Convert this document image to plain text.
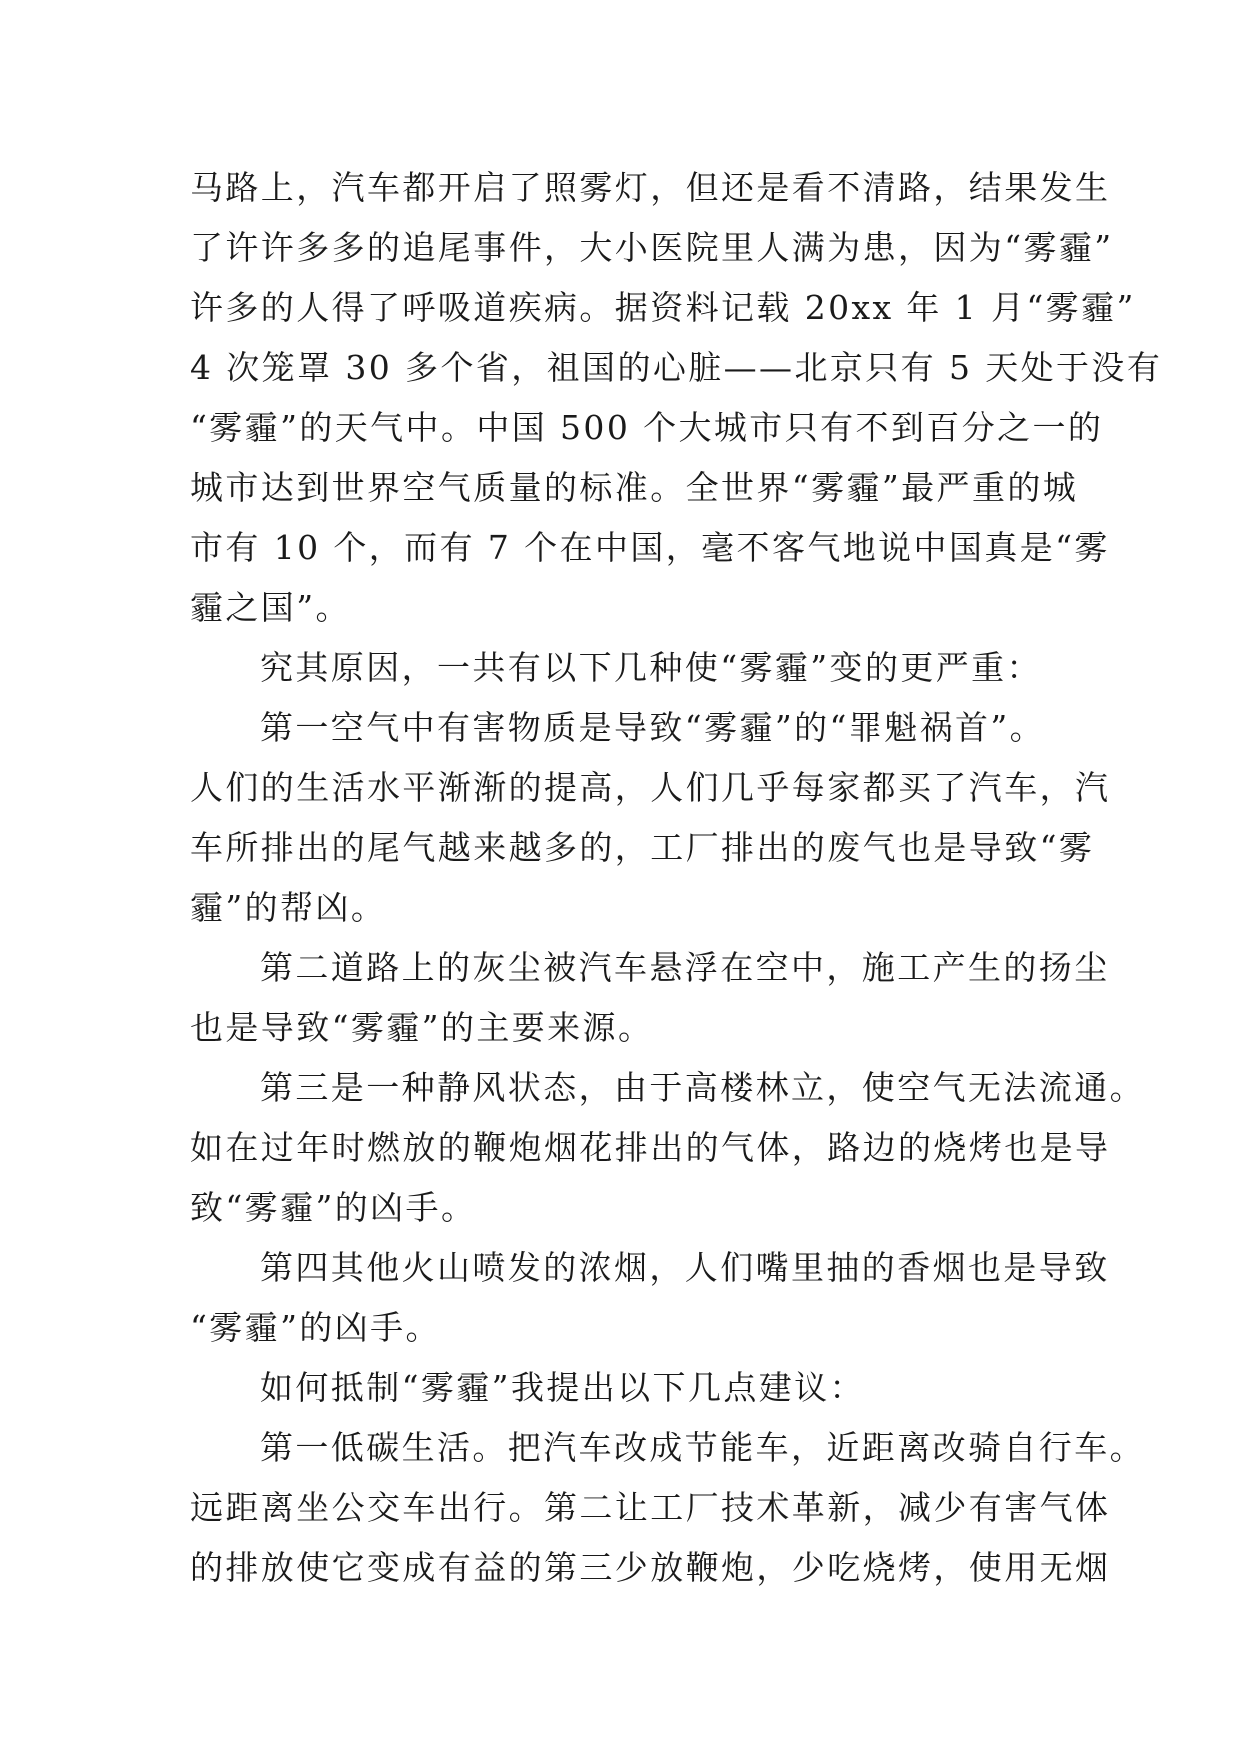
马路上，汽车都开启了照雾灯，但还是看不清路，结果发生
了许许多多的追尾事件，大小医院里人满为患，因为“雾霾”
许多的人得了呼吸道疾病。据资料记载 20xx 年 1 月“雾霾”
4 次笼罩 30 多个省，祖国的心脏——北京只有 5 天处于没有
“雾霾”的天气中。中国 500 个大城市只有不到百分之一的
城市达到世界空气质量的标准。全世界“雾霾”最严重的城
市有 10 个，而有 7 个在中国，毫不客气地说中国真是“雾
霾之国”。
究其原因，一共有以下几种使“雾霾”变的更严重：
第一空气中有害物质是导致“雾霾”的“罪魁祸首”。
人们的生活水平渐渐的提高，人们几乎每家都买了汽车，汽
车所排出的尾气越来越多的，工厂排出的废气也是导致“雾
霾”的帮凶。
第二道路上的灰尘被汽车悬浮在空中，施工产生的扬尘
也是导致“雾霾”的主要来源。
第三是一种静风状态，由于高楼林立，使空气无法流通。
如在过年时燃放的鞭炮烟花排出的气体，路边的烧烤也是导
致“雾霾”的凶手。
第四其他火山喷发的浓烟，人们嘴里抽的香烟也是导致
“雾霾”的凶手。
如何抵制“雾霾”我提出以下几点建议：
第一低碳生活。把汽车改成节能车，近距离改骑自行车。
远距离坐公交车出行。第二让工厂技术革新，减少有害气体
的排放使它变成有益的第三少放鞭炮，少吃烧烤，使用无烟
